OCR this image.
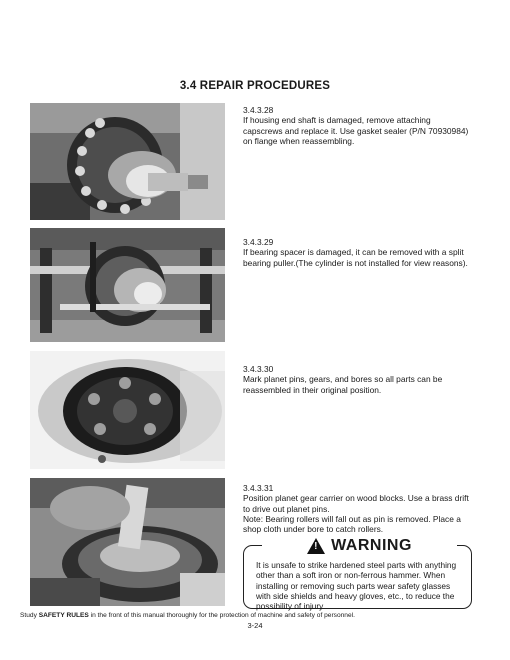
3.4 REPAIR PROCEDURES
3.4.3.28
If housing end shaft is damaged, remove attaching capscrews and replace it. Use gasket sealer (P/N 70930984) on flange when reassembling.
3.4.3.29
If bearing spacer is damaged, it can be removed with a split bearing puller.(The cylinder is not installed for view reasons).
3.4.3.30
Mark planet pins, gears, and bores so all parts can be reassembled in their original position.
3.4.3.31
Position planet gear carrier on wood blocks. Use a brass drift to drive out planet pins.
Note: Bearing rollers will fall out as pin is removed. Place a shop cloth under bore to catch rollers.
! WARNING
It is unsafe to strike hardened steel parts with anything other than a soft iron or non-ferrous hammer. When installing or removing such parts wear safety glasses with side shields and heavy gloves, etc., to reduce the possibility of injury.
Study SAFETY RULES in the front of this manual thoroughly for the protection of machine and safety of personnel.
3-24
